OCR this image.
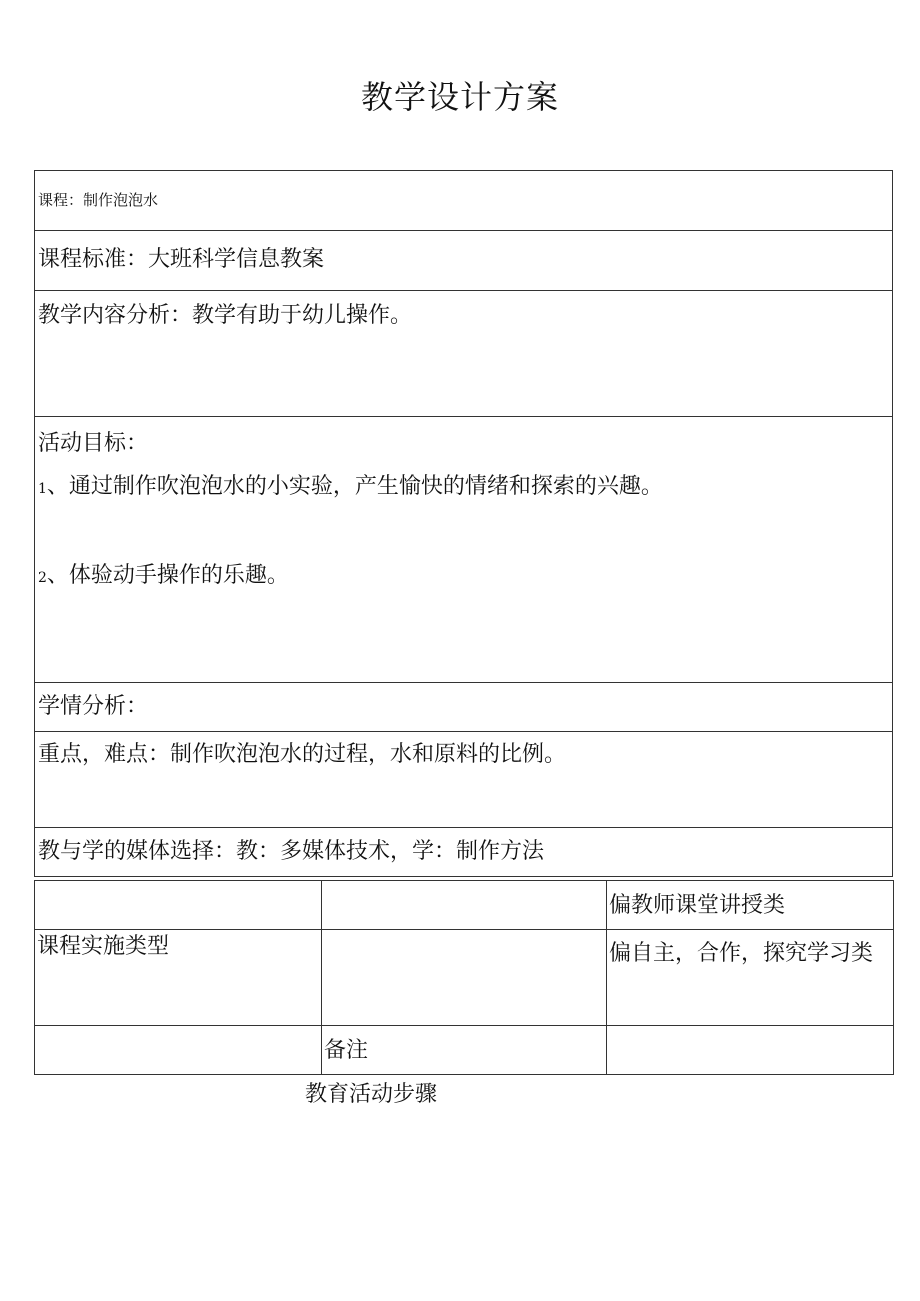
教学设计方案
课程：制作泡泡水
课程标准：大班科学信息教案
教学内容分析：教学有助于幼儿操作。

活动目标：

1、通过制作吹泡泡水的小实验，产生愉快的情绪和探索的兴趣。

2、体验动手操作的乐趣。

学情分析：
重点，难点：制作吹泡泡水的过程，水和原料的比例。
教与学的媒体选择：教：多媒体技术，学：制作方法
		偏教师课堂讲授类
课程实施类型		偏自主，合作，探究学习类
	备注	
教育活动步骤
